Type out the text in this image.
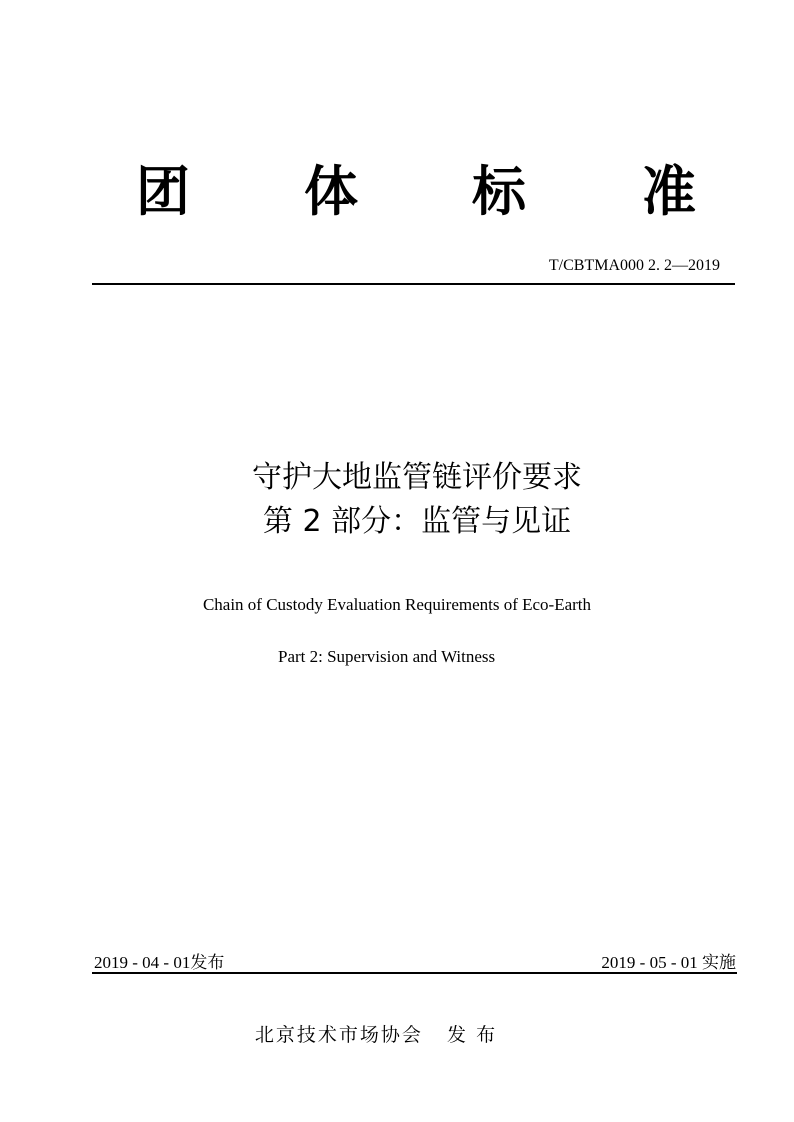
团 体 标 准
T/CBTMA000 2. 2—2019
守护大地监管链评价要求
第 2 部分：监管与见证
Chain of Custody Evaluation Requirements of Eco-Earth
Part 2: Supervision and Witness
2019 - 04 - 01发布	2019 - 05 - 01 实施
北京技术市场协会   发 布
